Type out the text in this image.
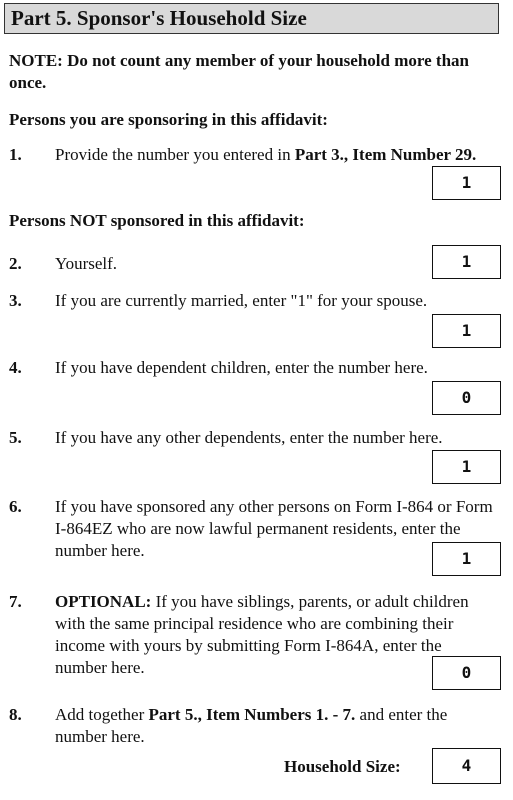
Part 5. Sponsor's Household Size
NOTE: Do not count any member of your household more than once.
Persons you are sponsoring in this affidavit:
1. Provide the number you entered in Part 3., Item Number 29.
1
Persons NOT sponsored in this affidavit:
2. Yourself.	1
3. If you are currently married, enter "1" for your spouse.
1
4. If you have dependent children, enter the number here.
0
5. If you have any other dependents, enter the number here.
1
6. If you have sponsored any other persons on Form I-864 or Form I-864EZ who are now lawful permanent residents, enter the number here.	1
7. OPTIONAL: If you have siblings, parents, or adult children with the same principal residence who are combining their income with yours by submitting Form I-864A, enter the number here.	0
8. Add together Part 5., Item Numbers 1. - 7. and enter the number here.
Household Size:	4
